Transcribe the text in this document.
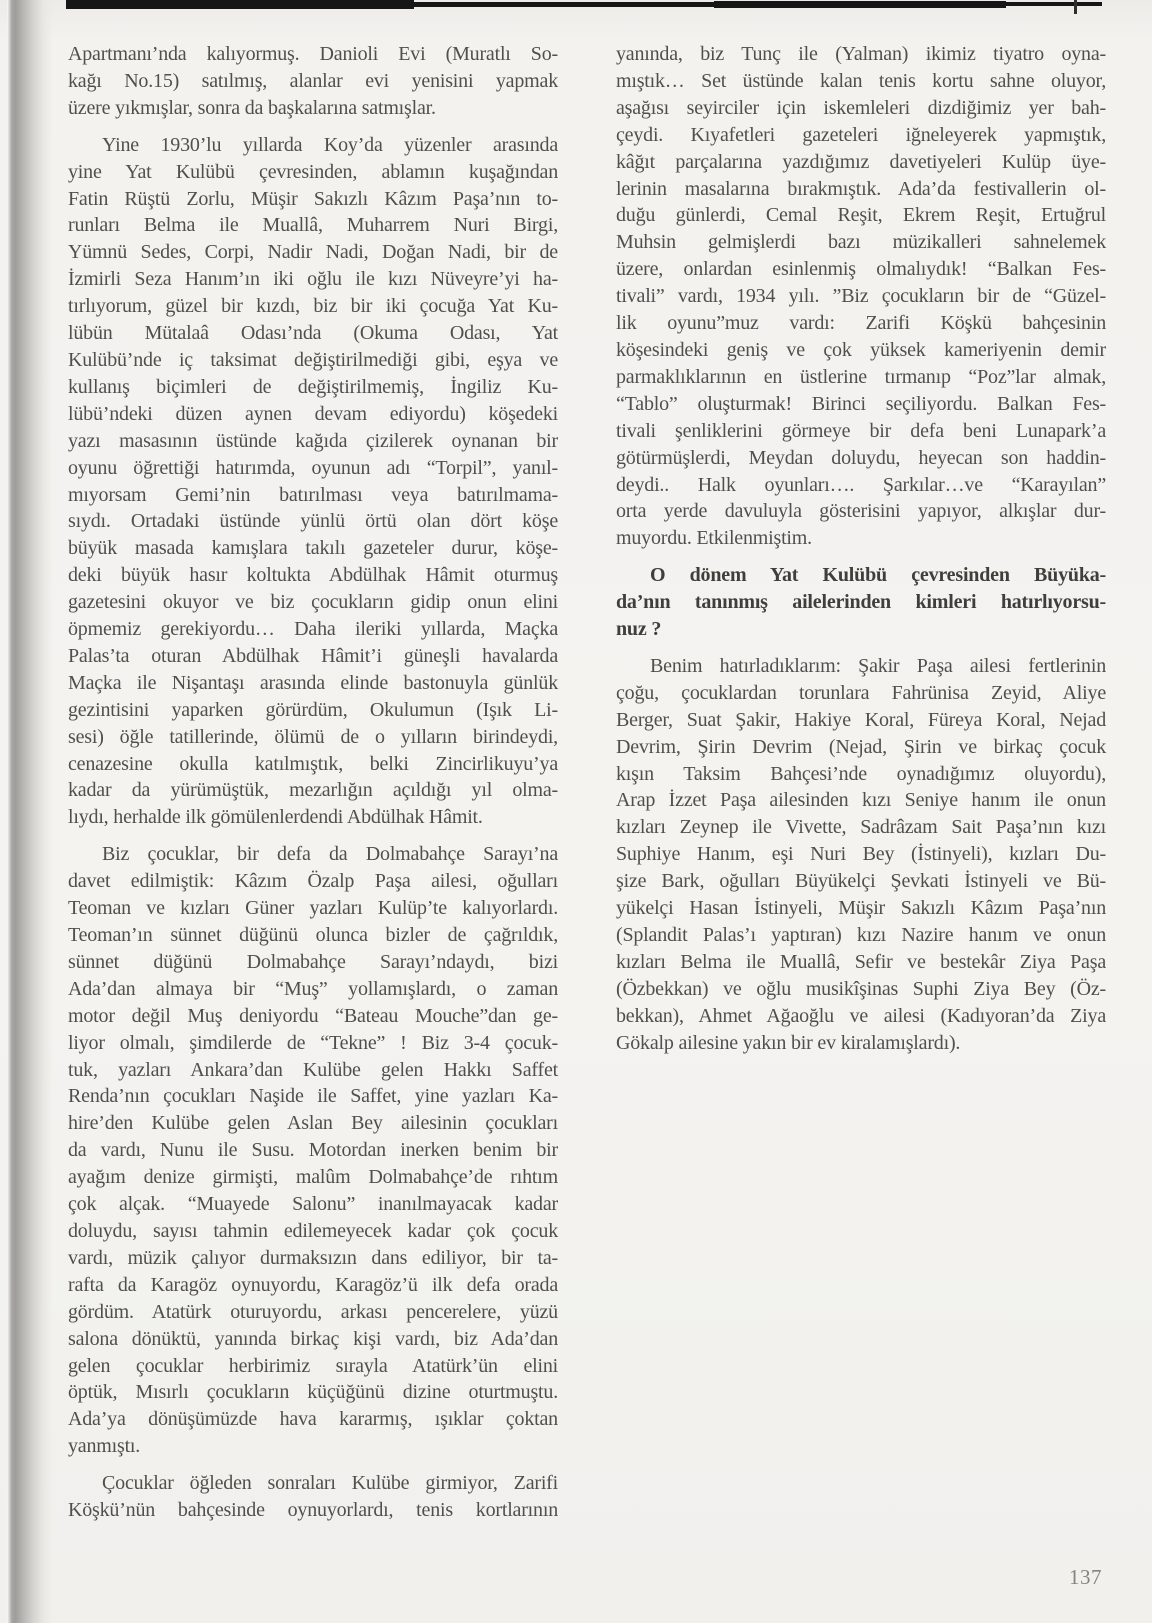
Apartmanı’nda kalıyormuş. Danioli Evi (Muratlı So-
kağı No.15) satılmış, alanlar evi yenisini yapmak
üzere yıkmışlar, sonra da başkalarına satmışlar.
Yine 1930’lu yıllarda Koy’da yüzenler arasında
yine Yat Kulübü çevresinden, ablamın kuşağından
Fatin Rüştü Zorlu, Müşir Sakızlı Kâzım Paşa’nın to-
runları Belma ile Muallâ, Muharrem Nuri Birgi,
Yümnü Sedes, Corpi, Nadir Nadi, Doğan Nadi, bir de
İzmirli Seza Hanım’ın iki oğlu ile kızı Nüveyre’yi ha-
tırlıyorum, güzel bir kızdı, biz bir iki çocuğa Yat Ku-
lübün Mütalaâ Odası’nda (Okuma Odası, Yat
Kulübü’nde iç taksimat değiştirilmediği gibi, eşya ve
kullanış biçimleri de değiştirilmemiş, İngiliz Ku-
lübü’ndeki düzen aynen devam ediyordu) köşedeki
yazı masasının üstünde kağıda çizilerek oynanan bir
oyunu öğrettiği hatırımda, oyunun adı “Torpil”, yanıl-
mıyorsam Gemi’nin batırılması veya batırılmama-
sıydı. Ortadaki üstünde yünlü örtü olan dört köşe
büyük masada kamışlara takılı gazeteler durur, köşe-
deki büyük hasır koltukta Abdülhak Hâmit oturmuş
gazetesini okuyor ve biz çocukların gidip onun elini
öpmemiz gerekiyordu… Daha ileriki yıllarda, Maçka
Palas’ta oturan Abdülhak Hâmit’i güneşli havalarda
Maçka ile Nişantaşı arasında elinde bastonuyla günlük
gezintisini yaparken görürdüm, Okulumun (Işık Li-
sesi) öğle tatillerinde, ölümü de o yılların birindeydi,
cenazesine okulla katılmıştık, belki Zincirlikuyu’ya
kadar da yürümüştük, mezarlığın açıldığı yıl olma-
lıydı, herhalde ilk gömülenlerdendi Abdülhak Hâmit.
Biz çocuklar, bir defa da Dolmabahçe Sarayı’na
davet edilmiştik: Kâzım Özalp Paşa ailesi, oğulları
Teoman ve kızları Güner yazları Kulüp’te kalıyorlardı.
Teoman’ın sünnet düğünü olunca bizler de çağrıldık,
sünnet düğünü Dolmabahçe Sarayı’ndaydı, bizi
Ada’dan almaya bir “Muş” yollamışlardı, o zaman
motor değil Muş deniyordu “Bateau Mouche”dan ge-
liyor olmalı, şimdilerde de “Tekne” ! Biz 3-4 çocuk-
tuk, yazları Ankara’dan Kulübe gelen Hakkı Saffet
Renda’nın çocukları Naşide ile Saffet, yine yazları Ka-
hire’den Kulübe gelen Aslan Bey ailesinin çocukları
da vardı, Nunu ile Susu. Motordan inerken benim bir
ayağım denize girmişti, malûm Dolmabahçe’de rıhtım
çok alçak. “Muayede Salonu” inanılmayacak kadar
doluydu, sayısı tahmin edilemeyecek kadar çok çocuk
vardı, müzik çalıyor durmaksızın dans ediliyor, bir ta-
rafta da Karagöz oynuyordu, Karagöz’ü ilk defa orada
gördüm. Atatürk oturuyordu, arkası pencerelere, yüzü
salona dönüktü, yanında birkaç kişi vardı, biz Ada’dan
gelen çocuklar herbirimiz sırayla Atatürk’ün elini
öptük, Mısırlı çocukların küçüğünü dizine oturtmuştu.
Ada’ya dönüşümüzde hava kararmış, ışıklar çoktan
yanmıştı.
Çocuklar öğleden sonraları Kulübe girmiyor, Zarifi
Köşkü’nün bahçesinde oynuyorlardı, tenis kortlarının
yanında, biz Tunç ile (Yalman) ikimiz tiyatro oyna-
mıştık… Set üstünde kalan tenis kortu sahne oluyor,
aşağısı seyirciler için iskemleleri dizdiğimiz yer bah-
çeydi. Kıyafetleri gazeteleri iğneleyerek yapmıştık,
kâğıt parçalarına yazdığımız davetiyeleri Kulüp üye-
lerinin masalarına bırakmıştık. Ada’da festivallerin ol-
duğu günlerdi, Cemal Reşit, Ekrem Reşit, Ertuğrul
Muhsin gelmişlerdi bazı müzikalleri sahnelemek
üzere, onlardan esinlenmiş olmalıydık! “Balkan Fes-
tivali” vardı, 1934 yılı. ”Biz çocukların bir de “Güzel-
lik oyunu”muz vardı: Zarifi Köşkü bahçesinin
köşesindeki geniş ve çok yüksek kameriyenin demir
parmaklıklarının en üstlerine tırmanıp “Poz”lar almak,
“Tablo” oluşturmak! Birinci seçiliyordu. Balkan Fes-
tivali şenliklerini görmeye bir defa beni Lunapark’a
götürmüşlerdi, Meydan doluydu, heyecan son haddin-
deydi.. Halk oyunları…. Şarkılar…ve “Karayılan”
orta yerde davuluyla gösterisini yapıyor, alkışlar dur-
muyordu. Etkilenmiştim.
O dönem Yat Kulübü çevresinden Büyüka-
da’nın tanınmış ailelerinden kimleri hatırlıyorsu-
nuz ?
Benim hatırladıklarım: Şakir Paşa ailesi fertlerinin
çoğu, çocuklardan torunlara Fahrünisa Zeyid, Aliye
Berger, Suat Şakir, Hakiye Koral, Füreya Koral, Nejad
Devrim, Şirin Devrim (Nejad, Şirin ve birkaç çocuk
kışın Taksim Bahçesi’nde oynadığımız oluyordu),
Arap İzzet Paşa ailesinden kızı Seniye hanım ile onun
kızları Zeynep ile Vivette, Sadrâzam Sait Paşa’nın kızı
Suphiye Hanım, eşi Nuri Bey (İstinyeli), kızları Du-
şize Bark, oğulları Büyükelçi Şevkati İstinyeli ve Bü-
yükelçi Hasan İstinyeli, Müşir Sakızlı Kâzım Paşa’nın
(Splandit Palas’ı yaptıran) kızı Nazire hanım ve onun
kızları Belma ile Muallâ, Sefir ve bestekâr Ziya Paşa
(Özbekkan) ve oğlu musikîşinas Suphi Ziya Bey (Öz-
bekkan), Ahmet Ağaoğlu ve ailesi (Kadıyoran’da Ziya
Gökalp ailesine yakın bir ev kiralamışlardı).
137
